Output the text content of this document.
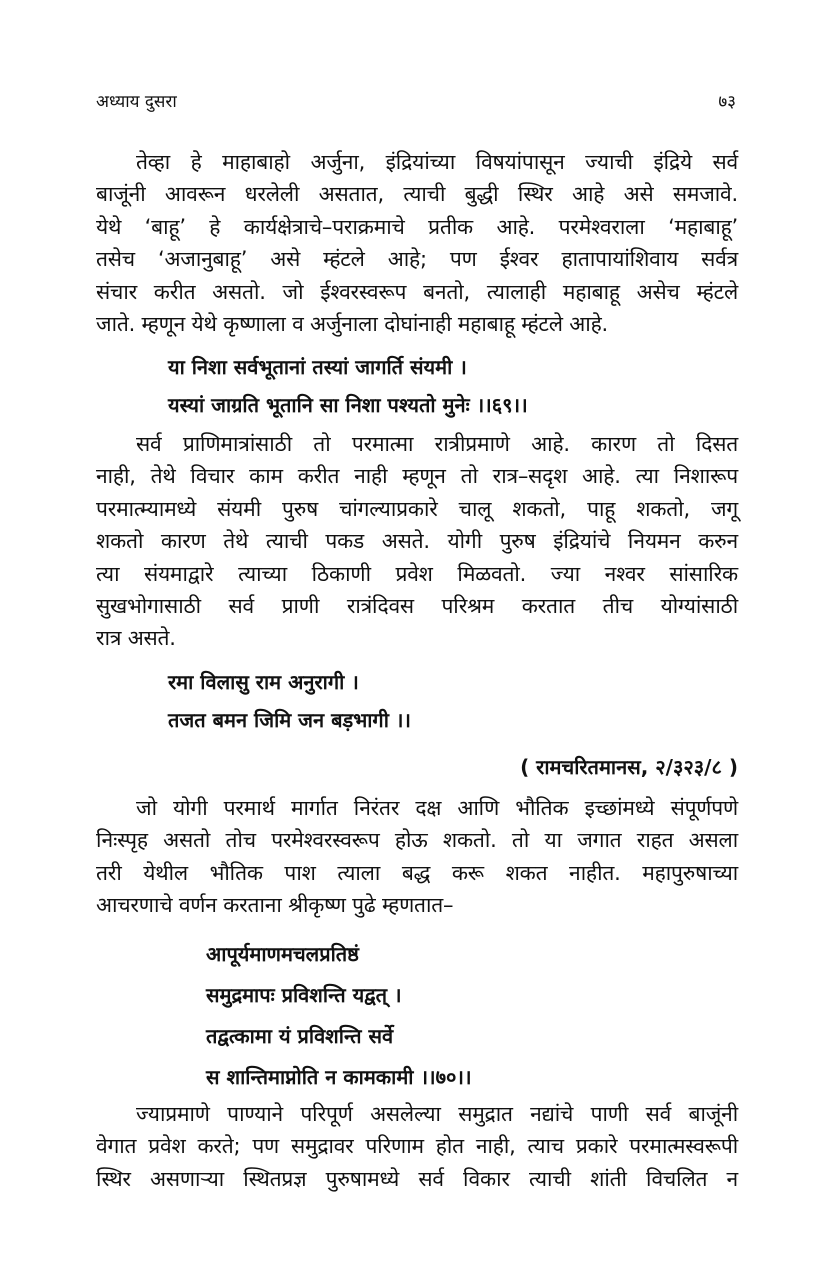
अध्याय दुसरा	७३
तेव्हा हे माहाबाहो अर्जुना, इंद्रियांच्या विषयांपासून ज्याची इंद्रिये सर्व
बाजूंनी आवरून धरलेली असतात, त्याची बुद्धी स्थिर आहे असे समजावे.
येथे ‘बाहू’ हे कार्यक्षेत्राचे–पराक्रमाचे प्रतीक आहे. परमेश्वराला ‘महाबाहू’
तसेच ‘अजानुबाहू’ असे म्हंटले आहे; पण ईश्वर हातापायांशिवाय सर्वत्र
संचार करीत असतो. जो ईश्वरस्वरूप बनतो, त्यालाही महाबाहू असेच म्हंटले
जाते. म्हणून येथे कृष्णाला व अर्जुनाला दोघांनाही महाबाहू म्हंटले आहे.
या निशा सर्वभूतानां तस्यां जागर्ति संयमी ।
यस्यां जाग्रति भूतानि सा निशा पश्यतो मुनेः ।।६९।।
सर्व प्राणिमात्रांसाठी तो परमात्मा रात्रीप्रमाणे आहे. कारण तो दिसत
नाही, तेथे विचार काम करीत नाही म्हणून तो रात्र–सदृश आहे. त्या निशारूप
परमात्म्यामध्ये संयमी पुरुष चांगल्याप्रकारे चालू शकतो, पाहू शकतो, जगू
शकतो कारण तेथे त्याची पकड असते. योगी पुरुष इंद्रियांचे नियमन करुन
त्या संयमाद्वारे त्याच्या ठिकाणी प्रवेश मिळवतो. ज्या नश्वर सांसारिक
सुखभोगासाठी सर्व प्राणी रात्रंदिवस परिश्रम करतात तीच योग्यांसाठी
रात्र असते.
रमा विलासु राम अनुरागी ।
तजत बमन जिमि जन बड़भागी ।।
( रामचरितमानस, २/३२३/८ )
जो योगी परमार्थ मार्गात निरंतर दक्ष आणि भौतिक इच्छांमध्ये संपूर्णपणे
निःस्पृह असतो तोच परमेश्वरस्वरूप होऊ शकतो. तो या जगात राहत असला
तरी येथील भौतिक पाश त्याला बद्ध करू शकत नाहीत. महापुरुषाच्या
आचरणाचे वर्णन करताना श्रीकृष्ण पुढे म्हणतात–
आपूर्यमाणमचलप्रतिष्ठं
समुद्रमापः प्रविशन्ति यद्वत् ।
तद्वत्कामा यं प्रविशन्ति सर्वे
स शान्तिमाप्नोति न कामकामी ।।७०।।
ज्याप्रमाणे पाण्याने परिपूर्ण असलेल्या समुद्रात नद्यांचे पाणी सर्व बाजूंनी
वेगात प्रवेश करते; पण समुद्रावर परिणाम होत नाही, त्याच प्रकारे परमात्मस्वरूपी
स्थिर असणाऱ्या स्थितप्रज्ञ पुरुषामध्ये सर्व विकार त्याची शांती विचलित न
